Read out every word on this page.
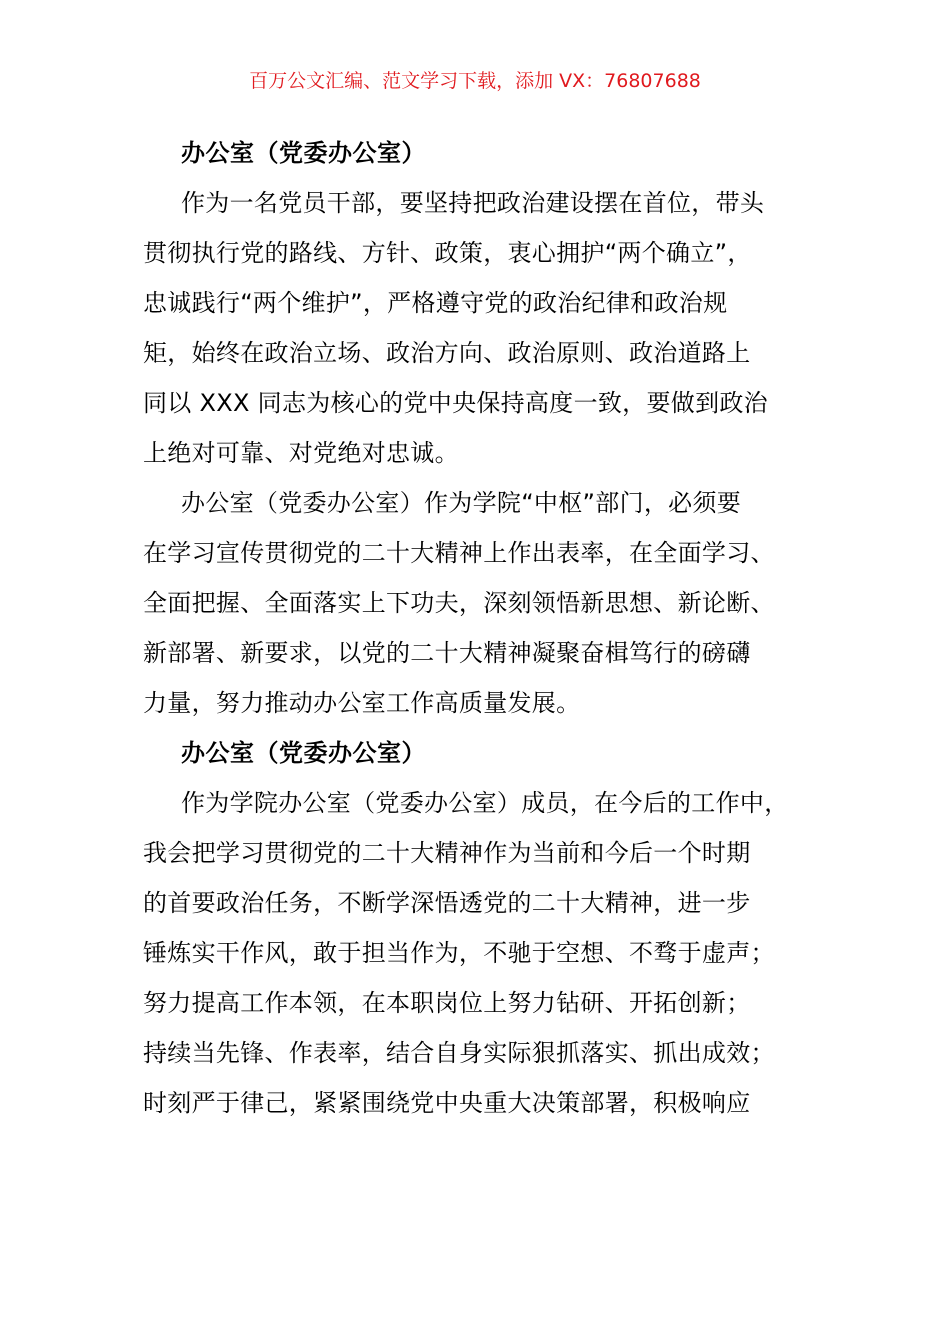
百万公文汇编、范文学习下载，添加 VX：76807688
办公室（党委办公室）
作为一名党员干部，要坚持把政治建设摆在首位，带头
贯彻执行党的路线、方针、政策，衷心拥护“两个确立”，
忠诚践行“两个维护”，严格遵守党的政治纪律和政治规
矩，始终在政治立场、政治方向、政治原则、政治道路上
同以 XXX 同志为核心的党中央保持高度一致，要做到政治
上绝对可靠、对党绝对忠诚。
办公室（党委办公室）作为学院“中枢”部门，必须要
在学习宣传贯彻党的二十大精神上作出表率，在全面学习、
全面把握、全面落实上下功夫，深刻领悟新思想、新论断、
新部署、新要求，以党的二十大精神凝聚奋楫笃行的磅礴
力量，努力推动办公室工作高质量发展。
办公室（党委办公室）
作为学院办公室（党委办公室）成员，在今后的工作中，
我会把学习贯彻党的二十大精神作为当前和今后一个时期
的首要政治任务，不断学深悟透党的二十大精神，进一步
锤炼实干作风，敢于担当作为，不驰于空想、不骛于虚声；
努力提高工作本领，在本职岗位上努力钻研、开拓创新；
持续当先锋、作表率，结合自身实际狠抓落实、抓出成效；
时刻严于律己，紧紧围绕党中央重大决策部署，积极响应
